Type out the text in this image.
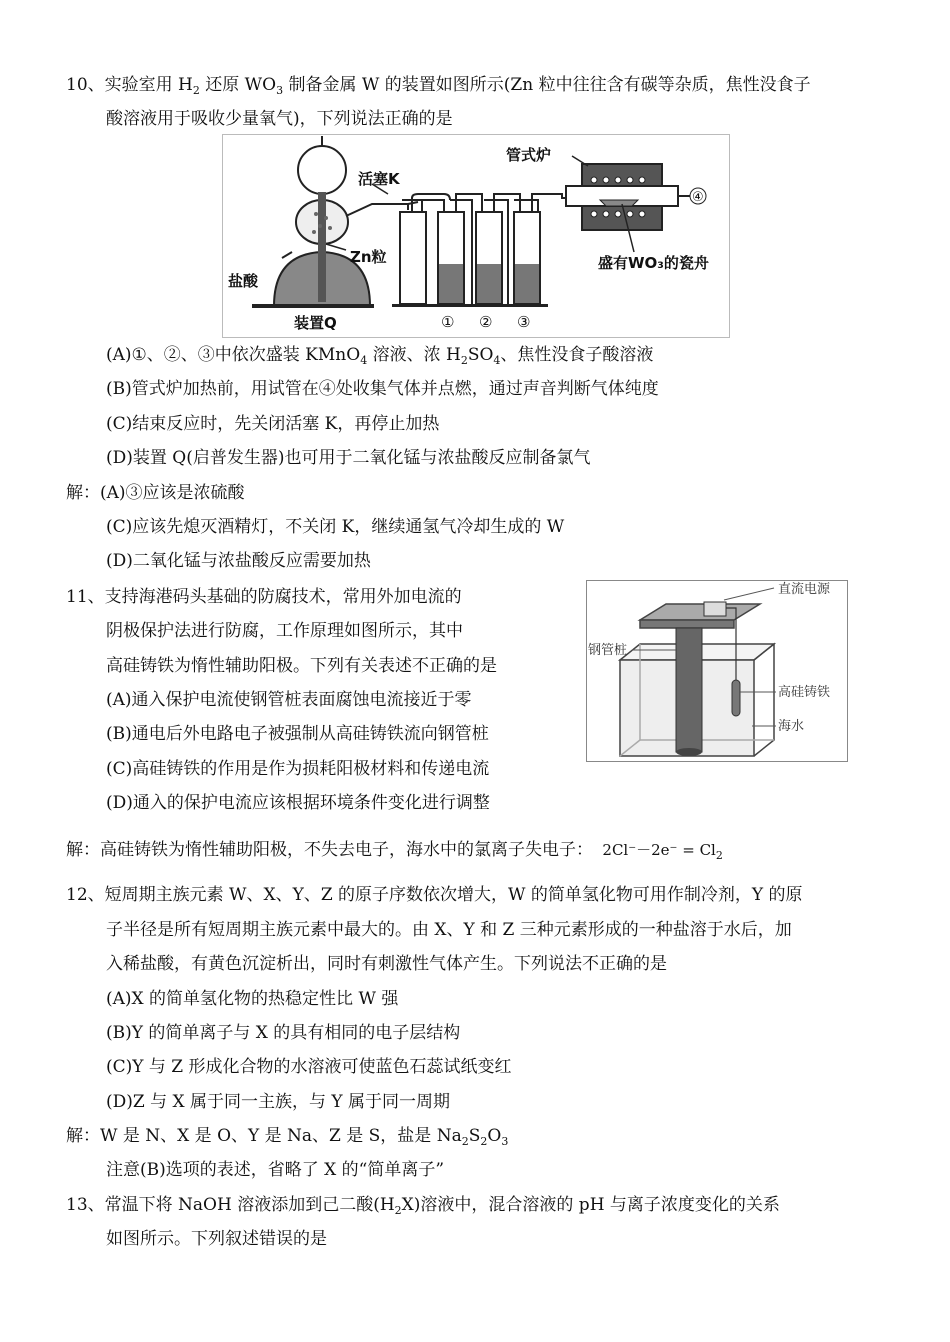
10、实验室用 $H_2$ 还原 $WO_3$ 制备金属 W 的装置如图所示(Zn 粒中往往含有碳等杂质，焦性没食子
酸溶液用于吸收少量氧气)，下列说法正确的是
活塞K
Zn粒
盐酸
装置Q
管式炉
盛有WO₃的瓷舟
① ② ③
④
(A)①、②、③中依次盛装 KMnO$_4$ 溶液、浓 $H_2SO_4$、焦性没食子酸溶液
(B)管式炉加热前，用试管在④处收集气体并点燃，通过声音判断气体纯度
(C)结束反应时，先关闭活塞 K，再停止加热
(D)装置 Q(启普发生器)也可用于二氧化锰与浓盐酸反应制备氯气
解：(A)③应该是浓硫酸
(C)应该先熄灭酒精灯，不关闭 K，继续通氢气冷却生成的 W
(D)二氧化锰与浓盐酸反应需要加热
11、支持海港码头基础的防腐技术，常用外加电流的
阴极保护法进行防腐，工作原理如图所示，其中
高硅铸铁为惰性辅助阳极。下列有关表述不正确的是
(A)通入保护电流使钢管桩表面腐蚀电流接近于零
(B)通电后外电路电子被强制从高硅铸铁流向钢管桩
(C)高硅铸铁的作用是作为损耗阳极材料和传递电流
(D)通入的保护电流应该根据环境条件变化进行调整
直流电源
钢管桩
高硅铸铁
海水
解：高硅铸铁为惰性辅助阳极，不失去电子，海水中的氯离子失电子： $2Cl^--2e^- = Cl_2$
12、短周期主族元素 W、X、Y、Z 的原子序数依次增大，W 的简单氢化物可用作制冷剂，Y 的原
子半径是所有短周期主族元素中最大的。由 X、Y 和 Z 三种元素形成的一种盐溶于水后，加
入稀盐酸，有黄色沉淀析出，同时有刺激性气体产生。下列说法不正确的是
(A)X 的简单氢化物的热稳定性比 W 强
(B)Y 的简单离子与 X 的具有相同的电子层结构
(C)Y 与 Z 形成化合物的水溶液可使蓝色石蕊试纸变红
(D)Z 与 X 属于同一主族，与 Y 属于同一周期
解：W 是 N、X 是 O、Y 是 Na、Z 是 S，盐是 $Na_2S_2O_3$
注意(B)选项的表述，省略了 X 的“简单离子”
13、常温下将 NaOH 溶液添加到己二酸$(H_2X)$溶液中，混合溶液的 pH 与离子浓度变化的关系
如图所示。下列叙述错误的是
